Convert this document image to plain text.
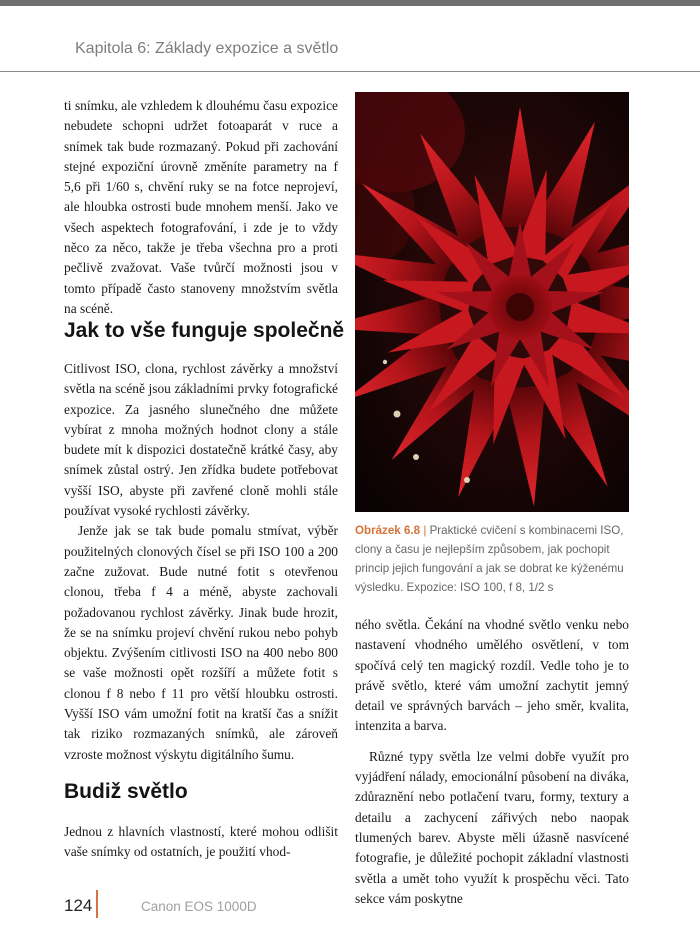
Kapitola 6: Základy expozice a světlo

ti snímku, ale vzhledem k dlouhému času expozice nebudete schopni udržet fotoaparát v ruce a snímek tak bude rozmazaný. Pokud při zachování stejné expoziční úrovně změníte parametry na f 5,6 při 1/60 s, chvění ruky se na fotce neprojeví, ale hloubka ostrosti bude mnohem menší. Jako ve všech aspektech fotografování, i zde je to vždy něco za něco, takže je třeba všechna pro a proti pečlivě zvažovat. Vaše tvůrčí možnosti jsou v tomto případě často stanoveny množstvím světla na scéně.

Jak to vše funguje společně

Citlivost ISO, clona, rychlost závěrky a množství světla na scéně jsou základními prvky fotografické expozice. Za jasného slunečného dne můžete vybírat z mnoha možných hodnot clony a stále budete mít k dispozici dostatečně krátké časy, aby snímek zůstal ostrý. Jen zřídka budete potřebovat vyšší ISO, abyste při zavřené cloně mohli stále používat vysoké rychlosti závěrky.

Jenže jak se tak bude pomalu stmívat, výběr použitelných clonových čísel se při ISO 100 a 200 začne zužovat. Bude nutné fotit s otevřenou clonou, třeba f 4 a méně, abyste zachovali požadovanou rychlost závěrky. Jinak bude hrozit, že se na snímku projeví chvění rukou nebo pohyb objektu. Zvýšením citlivosti ISO na 400 nebo 800 se vaše možnosti opět rozšíří a můžete fotit s clonou f 8 nebo f 11 pro větší hloubku ostrosti. Vyšší ISO vám umožní fotit na kratší čas a snížit tak riziko rozmazaných snímků, ale zároveň vzroste možnost výskytu digitálního šumu.

Budiž světlo

Jednou z hlavních vlastností, které mohou odlišit vaše snímky od ostatních, je použití vhod-

Obrázek 6.8 | Praktické cvičení s kombinacemi ISO, clony a času je nejlepším způsobem, jak pochopit princip jejich fungování a jak se dobrat ke kýženému výsledku. Expozice: ISO 100, f 8, 1/2 s

ného světla. Čekání na vhodné světlo venku nebo nastavení vhodného umělého osvětlení, v tom spočívá celý ten magický rozdíl. Vedle toho je to právě světlo, které vám umožní zachytit jemný detail ve správných barvách – jeho směr, kvalita, intenzita a barva.

Různé typy světla lze velmi dobře využít pro vyjádření nálady, emocionální působení na diváka, zdůraznění nebo potlačení tvaru, formy, textury a detailu a zachycení zářivých nebo naopak tlumených barev. Abyste měli úžasně nasvícené fotografie, je důležité pochopit základní vlastnosti světla a umět toho využít k prospěchu věci. Tato sekce vám poskytne

124	Canon EOS 1000D
